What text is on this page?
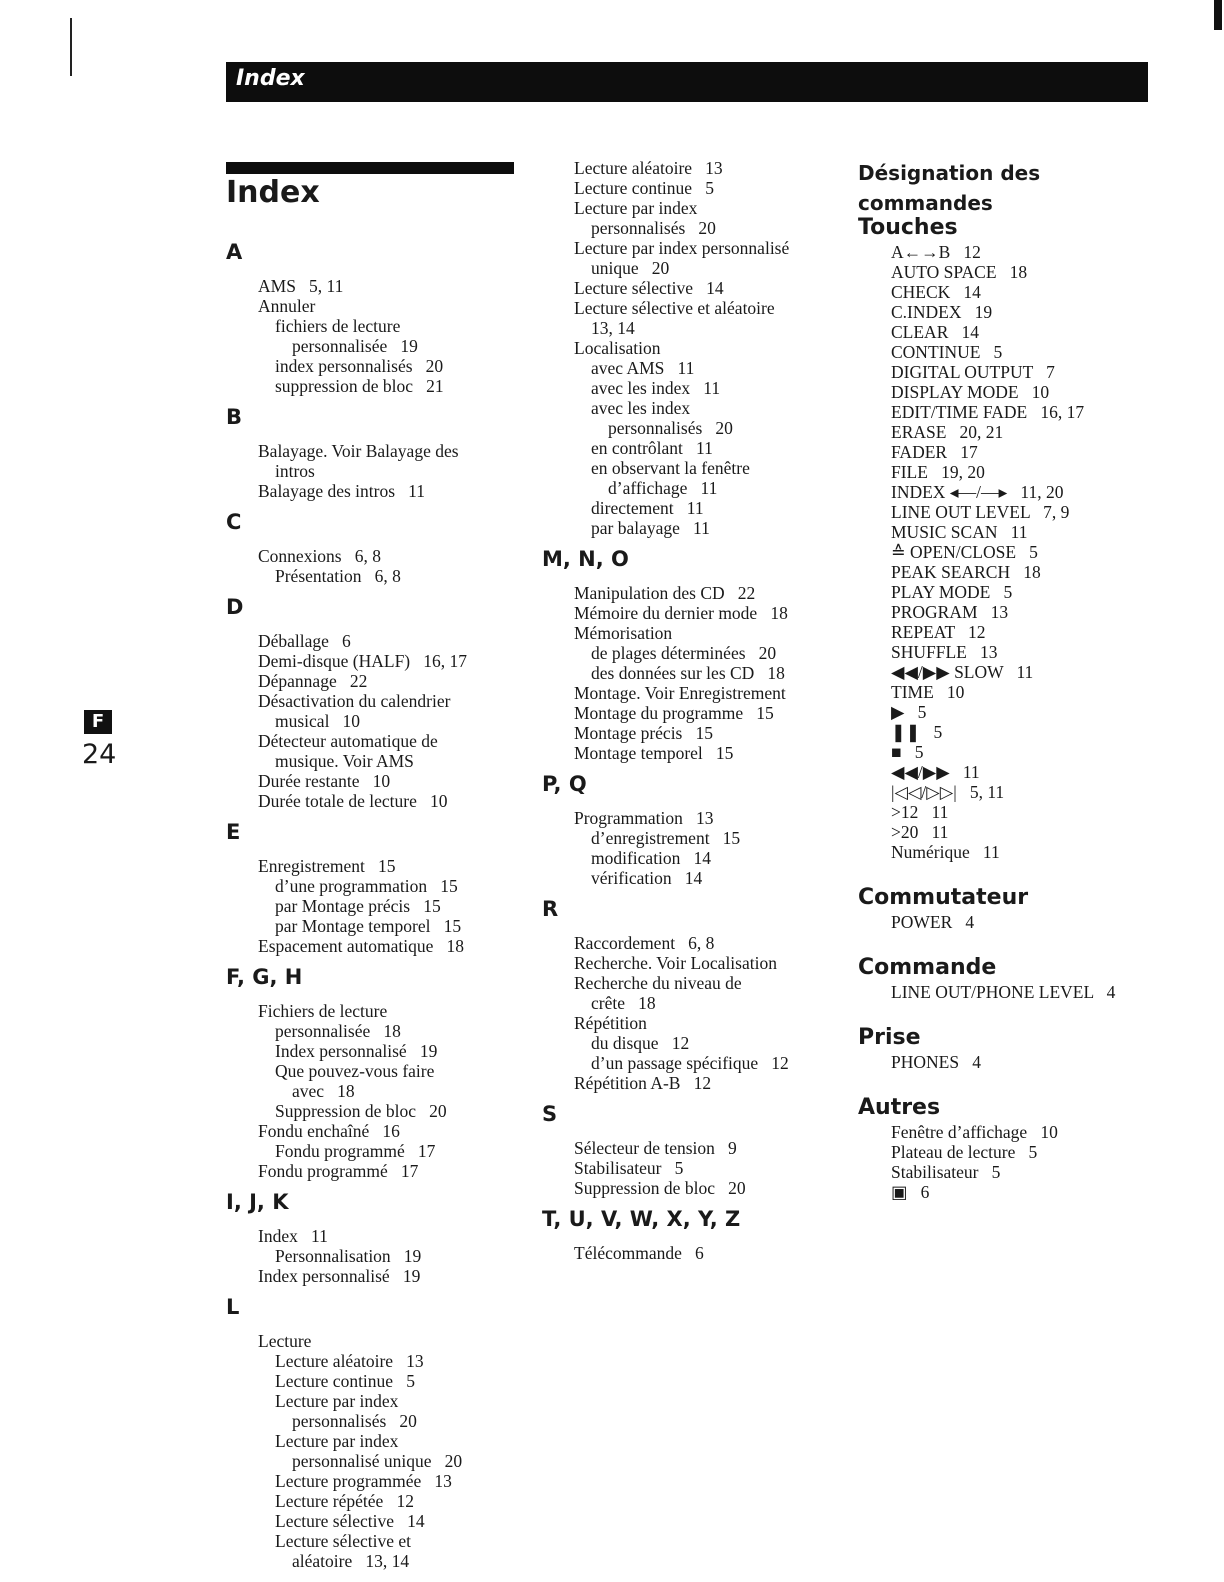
Index
Index
F
24
A
AMS   5, 11
Annuler
fichiers de lecture
personnalisée   19
index personnalisés   20
suppression de bloc   21
B
Balayage. Voir Balayage des
intros
Balayage des intros   11
C
Connexions   6, 8
Présentation   6, 8
D
Déballage   6
Demi-disque (HALF)   16, 17
Dépannage   22
Désactivation du calendrier
musical   10
Détecteur automatique de
musique. Voir AMS
Durée restante   10
Durée totale de lecture   10
E
Enregistrement   15
d’une programmation   15
par Montage précis   15
par Montage temporel   15
Espacement automatique   18
F, G, H
Fichiers de lecture
personnalisée   18
Index personnalisé   19
Que pouvez-vous faire
avec   18
Suppression de bloc   20
Fondu enchaîné   16
Fondu programmé   17
Fondu programmé   17
I, J, K
Index   11
Personnalisation   19
Index personnalisé   19
L
Lecture
Lecture aléatoire   13
Lecture continue   5
Lecture par index
personnalisés   20
Lecture par index
personnalisé unique   20
Lecture programmée   13
Lecture répétée   12
Lecture sélective   14
Lecture sélective et
aléatoire   13, 14
Lecture aléatoire   13
Lecture continue   5
Lecture par index
personnalisés   20
Lecture par index personnalisé
unique   20
Lecture sélective   14
Lecture sélective et aléatoire
13, 14
Localisation
avec AMS   11
avec les index   11
avec les index
personnalisés   20
en contrôlant   11
en observant la fenêtre
d’affichage   11
directement   11
par balayage   11
M, N, O
Manipulation des CD   22
Mémoire du dernier mode   18
Mémorisation
de plages déterminées   20
des données sur les CD   18
Montage. Voir Enregistrement
Montage du programme   15
Montage précis   15
Montage temporel   15
P, Q
Programmation   13
d’enregistrement   15
modification   14
vérification   14
R
Raccordement   6, 8
Recherche. Voir Localisation
Recherche du niveau de
crête   18
Répétition
du disque   12
d’un passage spécifique   12
Répétition A-B   12
S
Sélecteur de tension   9
Stabilisateur   5
Suppression de bloc   20
T, U, V, W, X, Y, Z
Télécommande   6
Désignation des commandes
Touches
A←→B   12
AUTO SPACE   18
CHECK   14
C.INDEX   19
CLEAR   14
CONTINUE   5
DIGITAL OUTPUT   7
DISPLAY MODE   10
EDIT/TIME FADE   16, 17
ERASE   20, 21
FADER   17
FILE   19, 20
INDEX ◂—/—▸   11, 20
LINE OUT LEVEL   7, 9
MUSIC SCAN   11
≙ OPEN/CLOSE   5
PEAK SEARCH   18
PLAY MODE   5
PROGRAM   13
REPEAT   12
SHUFFLE   13
◀◀/▶▶ SLOW   11
TIME   10
▶   5
❚❚   5
■   5
◀◀/▶▶   11
|◁◁/▷▷|   5, 11
>12   11
>20   11
Numérique   11
Commutateur
POWER   4
Commande
LINE OUT/PHONE LEVEL   4
Prise
PHONES   4
Autres
Fenêtre d’affichage   10
Plateau de lecture   5
Stabilisateur   5
▣   6
